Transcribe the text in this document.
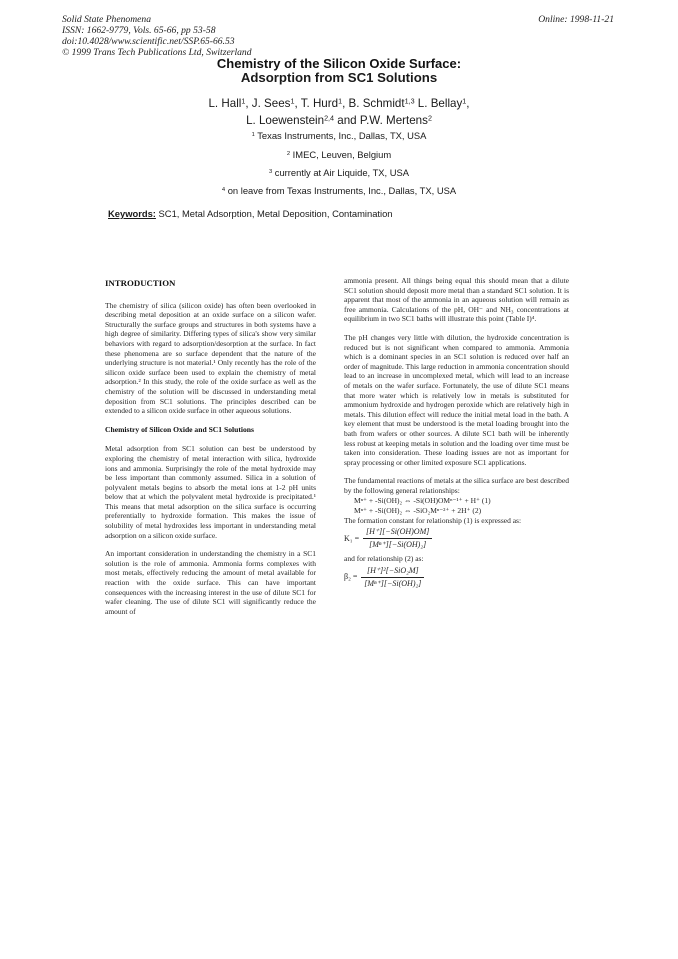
Solid State Phenomena
ISSN: 1662-9779, Vols. 65-66, pp 53-58
doi:10.4028/www.scientific.net/SSP.65-66.53
© 1999 Trans Tech Publications Ltd, Switzerland
Online: 1998-11-21
Chemistry of the Silicon Oxide Surface:
Adsorption from SC1 Solutions
L. Hall$^1$, J. Sees$^1$, T. Hurd$^1$, B. Schmidt$^{1,3}$ L. Bellay$^1$,
L. Loewenstein$^{2,4}$ and P.W. Mertens$^2$
$^1$ Texas Instruments, Inc., Dallas, TX, USA
$^2$ IMEC, Leuven, Belgium
$^3$ currently at Air Liquide, TX, USA
$^4$ on leave from Texas Instruments, Inc., Dallas, TX, USA
Keywords: SC1, Metal Adsorption, Metal Deposition, Contamination
INTRODUCTION

The chemistry of silica (silicon oxide) has often been overlooked in describing metal deposition at an oxide surface on a silicon wafer. Structurally the surface groups and structures in both systems have a high degree of similarity. Differing types of silica's show very similar behaviors with regard to adsorption/desorption at the surface. In fact these phenomena are so surface dependent that the nature of the underlying structure is not material.¹ Only recently has the role of the silicon oxide surface been used to explain the chemistry of metal adsorption.² In this study, the role of the oxide surface as well as the chemistry of the solution will be discussed in understanding metal deposition from SC1 solutions. The principles described can be extended to a silicon oxide surface in other aqueous solutions.

Chemistry of Silicon Oxide and SC1 Solutions

Metal adsorption from SC1 solution can best be understood by exploring the chemistry of metal interaction with silica, hydroxide ions and ammonia. Surprisingly the role of the metal hydroxide may be less important than commonly assumed. Silica in a solution of polyvalent metals begins to absorb the metal ions at 1-2 pH units below that at which the polyvalent metal hydroxide is precipitated.¹ This means that metal adsorption on the silica surface is occurring preferentially to hydroxide formation. This makes the issue of solubility of metal hydroxides less important in understanding metal adsorption on a silicon oxide surface.

An important consideration in understanding the chemistry in a SC1 solution is the role of ammonia. Ammonia forms complexes with most metals, effectively reducing the amount of metal available for reaction with the oxide surface. This can have important consequences with the increasing interest in the use of dilute SC1 for wafer cleaning. The use of dilute SC1 will significantly reduce the amount of

ammonia present. All things being equal this should mean that a dilute SC1 solution should deposit more metal than a standard SC1 solution. It is apparent that most of the ammonia in an aqueous solution will remain as free ammonia. Calculations of the pH, OH⁻ and NH₃ concentrations at equilibrium in two SC1 baths will illustrate this point (Table I)⁴.

The pH changes very little with dilution, the hydroxide concentration is reduced but is not significant when compared to ammonia. Ammonia which is a dominant species in an SC1 solution is reduced over half an order of magnitude. This large reduction in ammonia concentration should lead to an increase in uncomplexed metal, which will lead to an increase of metals on the wafer surface. Fortunately, the use of dilute SC1 means that more water which is relatively low in metals is substituted for ammonium hydroxide and hydrogen peroxide which are relatively high in metals. This dilution effect will reduce the initial metal load in the bath. A key element that must be understood is the metal loading brought into the bath from wafers or other sources. A dilute SC1 bath will be inherently less robust at keeping metals in solution and the loading over time must be taken into consideration. These loading issues are not as important for spray processing or other limited exposure SC1 applications.

The fundamental reactions of metals at the silica surface are best described by the following general relationships:

Mⁿ⁺ + -Si(OH)₂ ⇔ -Si(OH)OMⁿ⁻¹⁺ + H⁺ (1)
Mⁿ⁺ + -Si(OH)₂ ⇔ -SiO₂Mⁿ⁻²⁺ + 2H⁺ (2)

The formation constant for relationship (1) is expressed as:

$K_1 = \frac{[H^+][-Si(OH)OM]}{\text{[Mⁿ⁺][−Si(OH)₂]}}$

and for relationship (2) as:

$\beta_2 = \frac{\text{[H⁺]²[−SiO₂M]}}{\text{[Mⁿ⁺][−Si(OH)₂]}}$
